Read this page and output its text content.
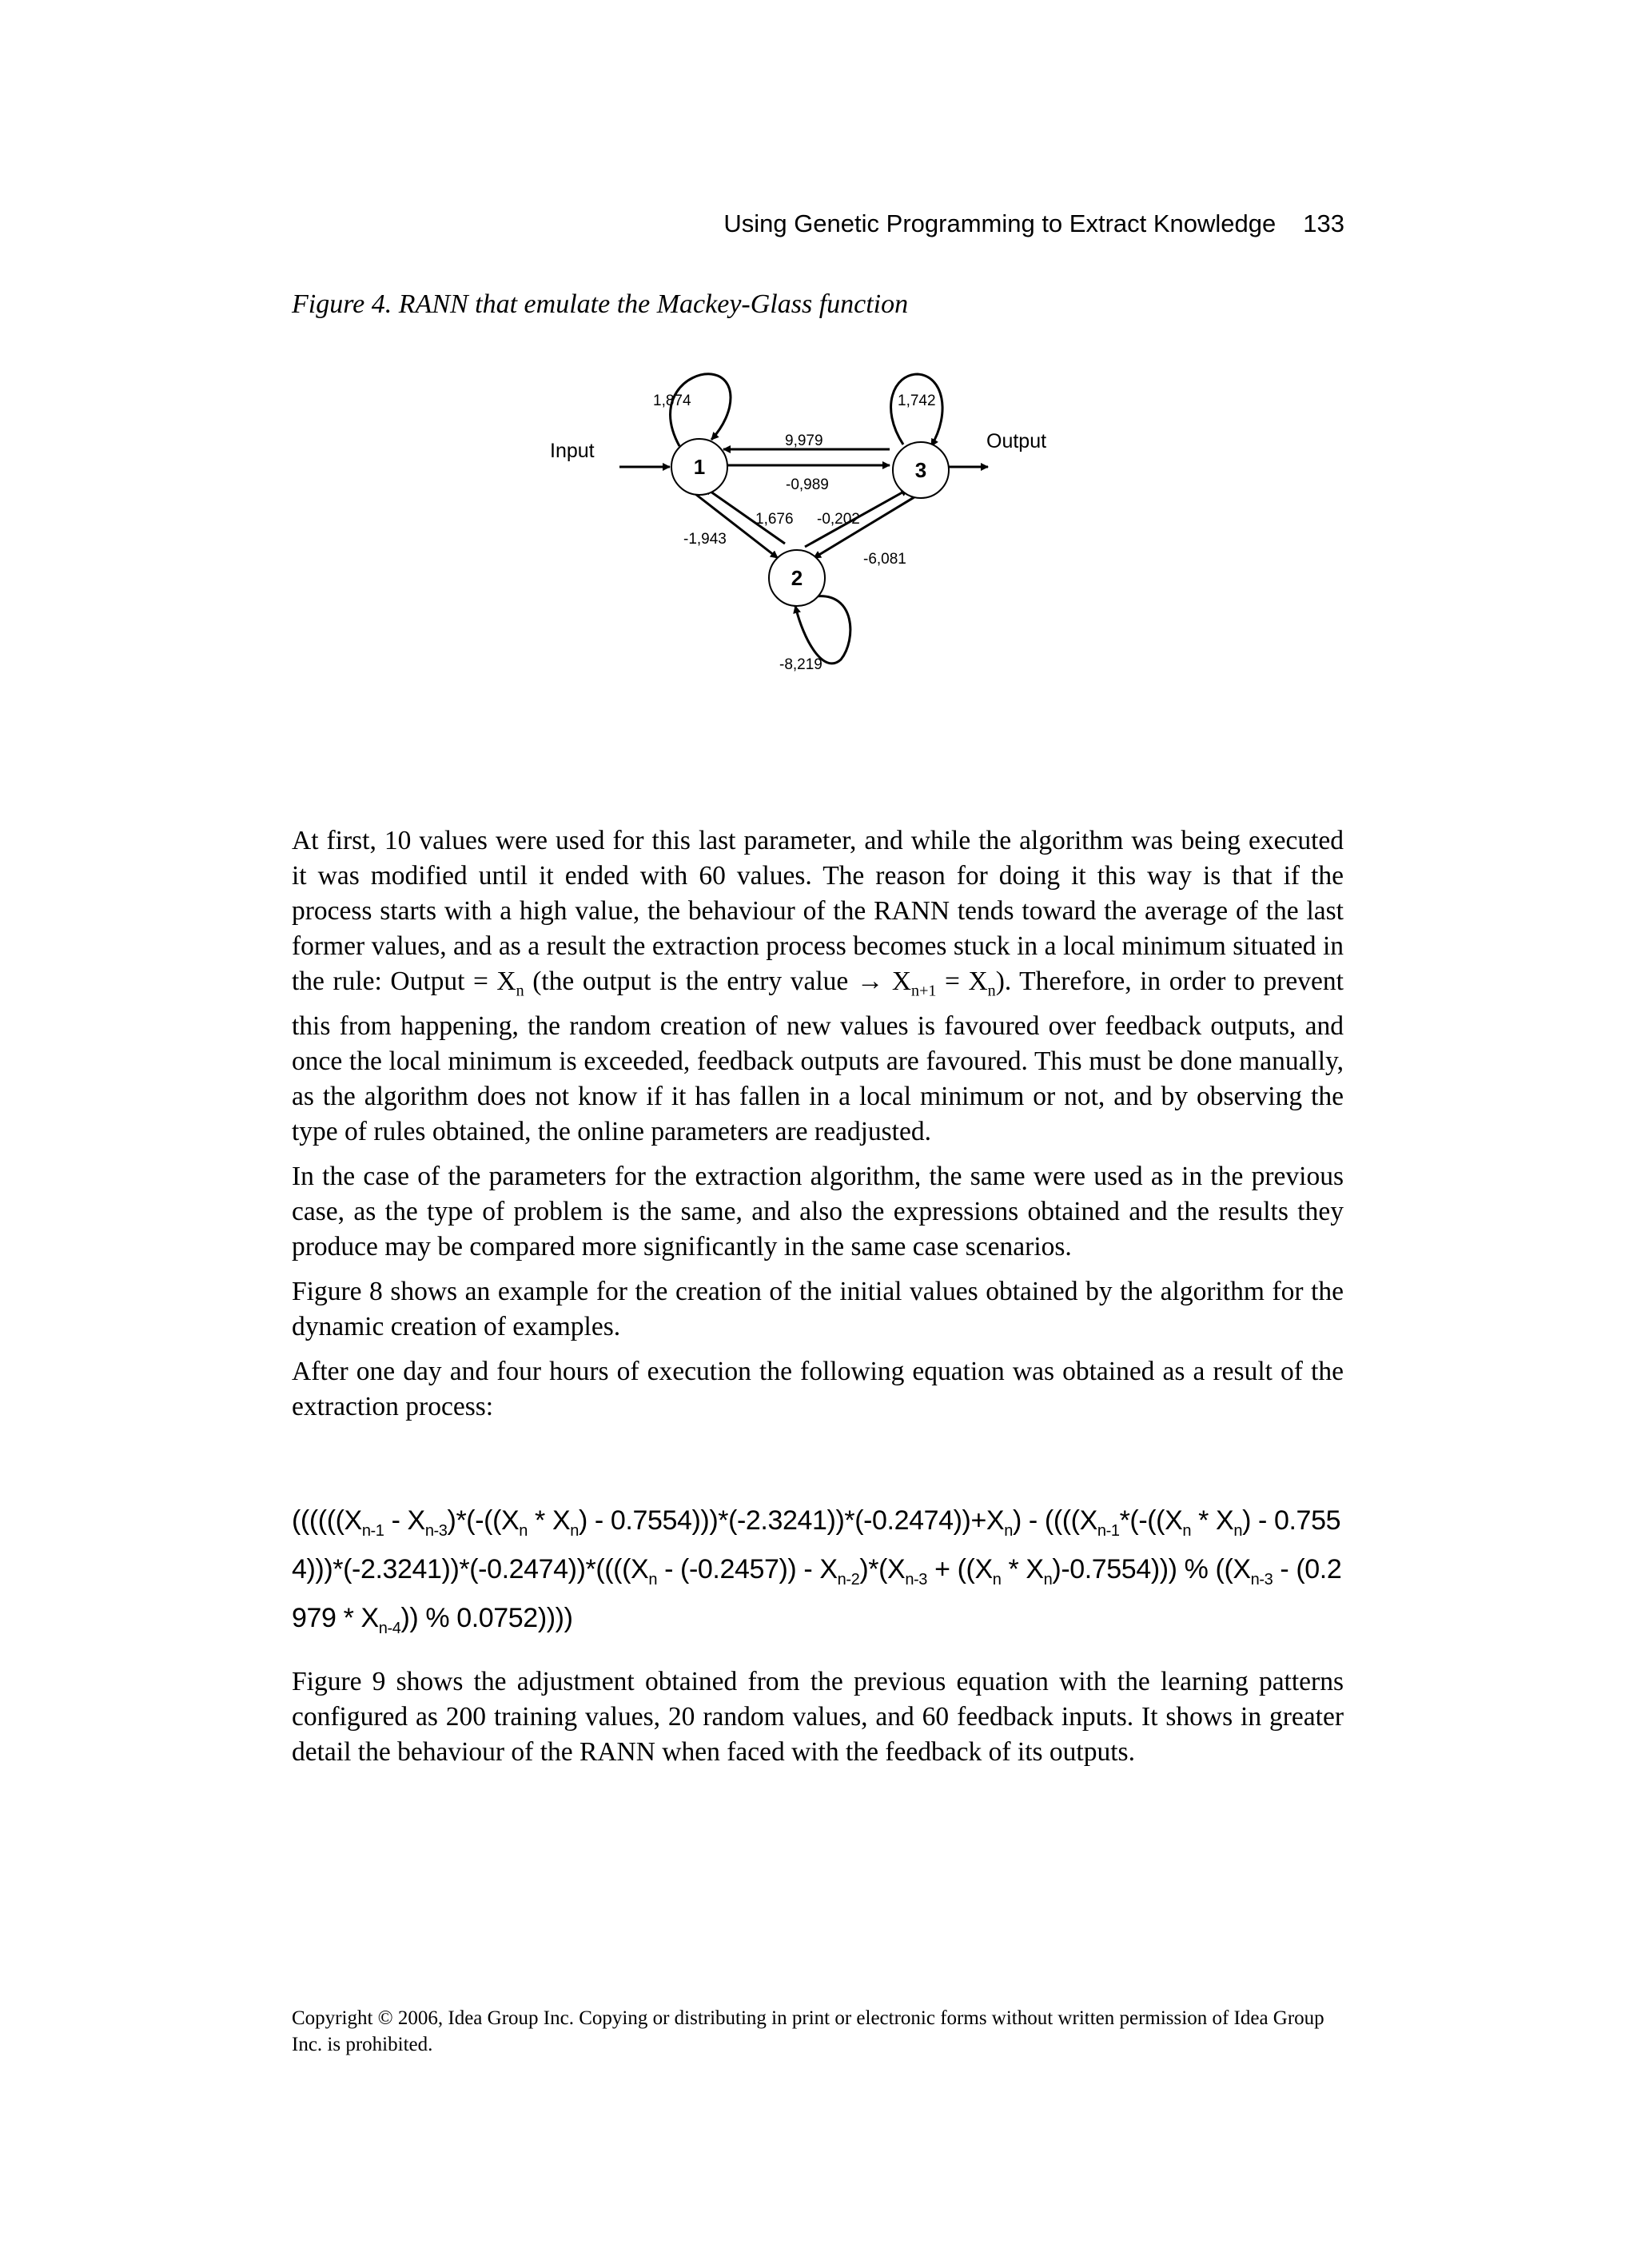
Using Genetic Programming to Extract Knowledge 133
Figure 4. RANN that emulate the Mackey-Glass function
1	3
2
Input	Output
1,874	1,742
9,979
-0,989
1,676 -0,202
-1,943
-6,081
-8,219

At first, 10 values were used for this last parameter, and while the algorithm was being executed it was modified until it ended with 60 values. The reason for doing it this way is that if the process starts with a high value, the behaviour of the RANN tends toward the average of the last former values, and as a result the extraction process becomes stuck in a local minimum situated in the rule: Output = $X_n$ (the output is the entry value → $X_{n+1} = X_n$). Therefore, in order to prevent this from happening, the random creation of new values is favoured over feedback outputs, and once the local minimum is exceeded, feedback outputs are favoured. This must be done manually, as the algorithm does not know if it has fallen in a local minimum or not, and by observing the type of rules obtained, the online parameters are readjusted.

In the case of the parameters for the extraction algorithm, the same were used as in the previous case, as the type of problem is the same, and also the expressions obtained and the results they produce may be compared more significantly in the same case scenarios.

Figure 8 shows an example for the creation of the initial values obtained by the algorithm for the dynamic creation of examples.

After one day and four hours of execution the following equation was obtained as a result of the extraction process:

($(((((X_{n-1} - X_{n-3})*(-((X_n * X_n) - 0.7554)))*(-2.3241))*(-0.2474))+X_n) - ((((X_{n-1}*(-((X_n * X_n) - 0.7554)))*(-2.3241))*(-0.2474))*((((X_n - (-0.2457)) - X_{n-2})*(X_{n-3} + ((X_n * X_n)-0.7554)))$ % ($(X_{n-3} - (0.2979 * X_{n-4}))$ % 0.0752))))

Figure 9 shows the adjustment obtained from the previous equation with the learning patterns configured as 200 training values, 20 random values, and 60 feedback inputs. It shows in greater detail the behaviour of the RANN when faced with the feedback of its outputs.

Copyright © 2006, Idea Group Inc. Copying or distributing in print or electronic forms without written permission of Idea Group Inc. is prohibited.
